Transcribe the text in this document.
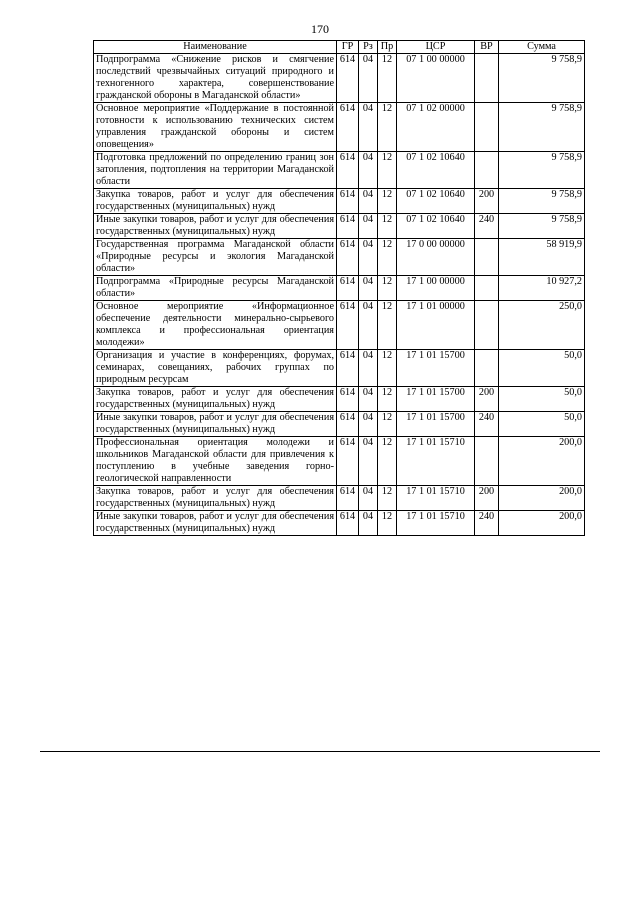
170
Наименование	ГР	Рз	Пр	ЦСР	ВР	Сумма
Подпрограмма «Снижение рисков и смягчение последствий чрезвычайных ситуаций природного и техногенного характера, совершенствование гражданской обороны в Магаданской области»	614	04	12	07 1 00 00000		9 758,9
Основное мероприятие «Поддержание в постоянной готовности к использованию технических систем управления гражданской обороны и систем оповещения»	614	04	12	07 1 02 00000		9 758,9
Подготовка предложений по определению границ зон затопления, подтопления на территории Магаданской области	614	04	12	07 1 02 10640		9 758,9
Закупка товаров, работ и услуг для обеспечения государственных (муниципальных) нужд	614	04	12	07 1 02 10640	200	9 758,9
Иные закупки товаров, работ и услуг для обеспечения государственных (муниципальных) нужд	614	04	12	07 1 02 10640	240	9 758,9
Государственная программа Магаданской области «Природные ресурсы и экология Магаданской области»	614	04	12	17 0 00 00000		58 919,9
Подпрограмма «Природные ресурсы Магаданской области»	614	04	12	17 1 00 00000		10 927,2
Основное мероприятие «Информационное обеспечение деятельности минерально-сырьевого комплекса и профессиональная ориентация молодежи»	614	04	12	17 1 01 00000		250,0
Организация и участие в конференциях, форумах, семинарах, совещаниях, рабочих группах по природным ресурсам	614	04	12	17 1 01 15700		50,0
Закупка товаров, работ и услуг для обеспечения государственных (муниципальных) нужд	614	04	12	17 1 01 15700	200	50,0
Иные закупки товаров, работ и услуг для обеспечения государственных (муниципальных) нужд	614	04	12	17 1 01 15700	240	50,0
Профессиональная ориентация молодежи и школьников Магаданской области для привлечения к поступлению в учебные заведения горно-геологической направленности	614	04	12	17 1 01 15710		200,0
Закупка товаров, работ и услуг для обеспечения государственных (муниципальных) нужд	614	04	12	17 1 01 15710	200	200,0
Иные закупки товаров, работ и услуг для обеспечения государственных (муниципальных) нужд	614	04	12	17 1 01 15710	240	200,0
